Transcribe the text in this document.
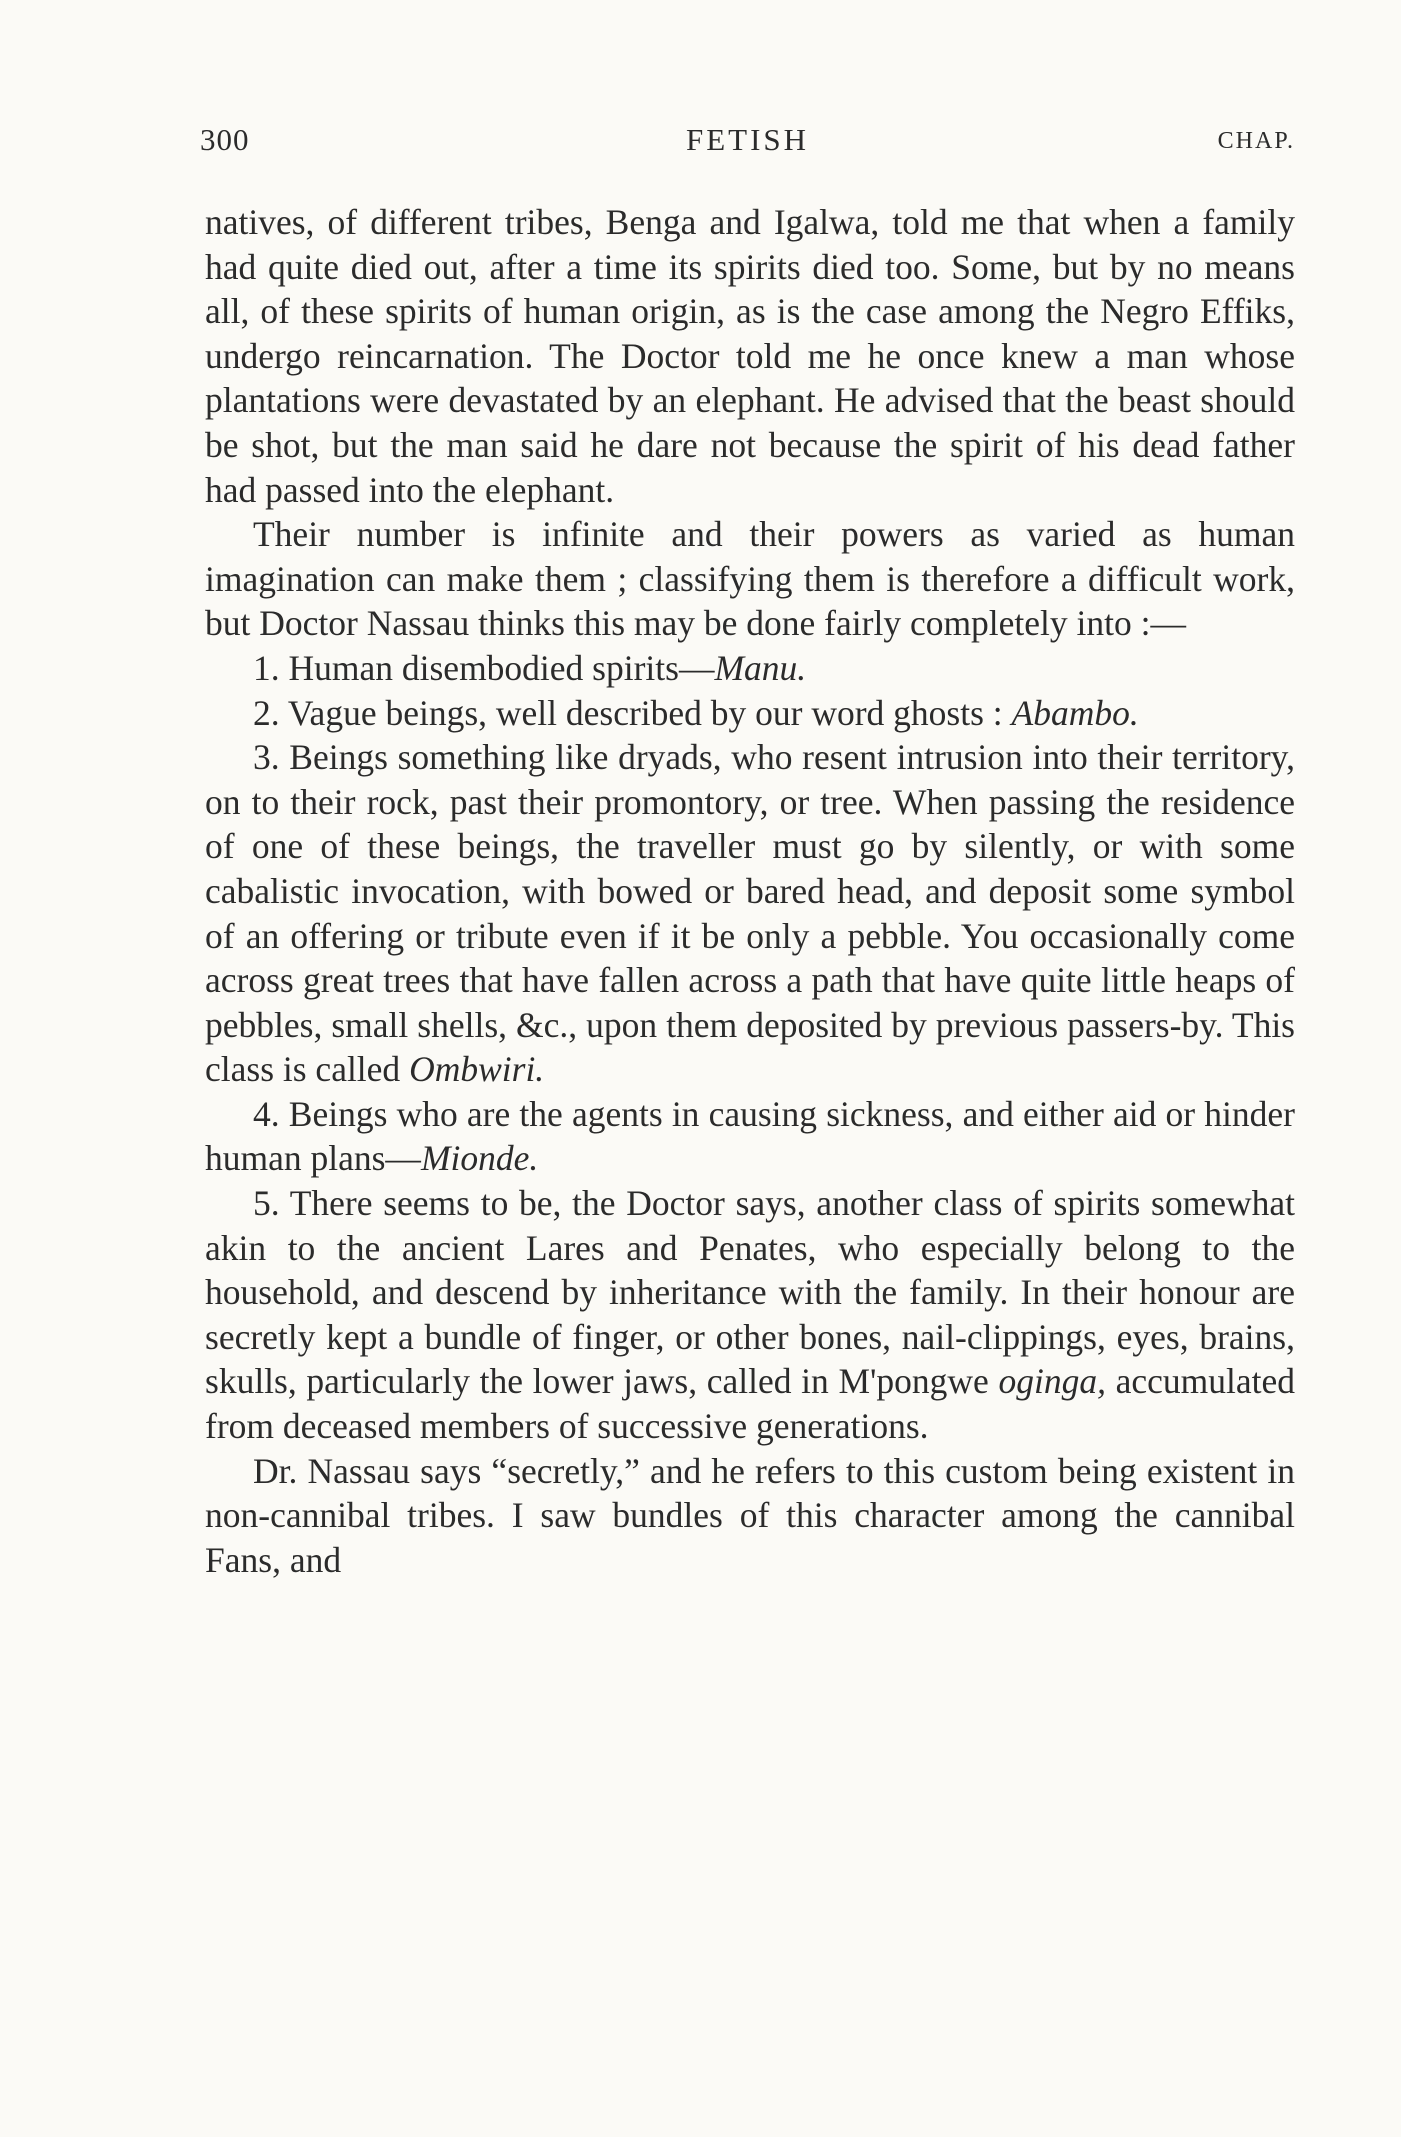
300	FETISH	CHAP.

natives, of different tribes, Benga and Igalwa, told me that when a family had quite died out, after a time its spirits died too. Some, but by no means all, of these spirits of human origin, as is the case among the Negro Effiks, undergo reincarnation. The Doctor told me he once knew a man whose plantations were devastated by an elephant. He advised that the beast should be shot, but the man said he dare not because the spirit of his dead father had passed into the elephant.

Their number is infinite and their powers as varied as human imagination can make them ; classifying them is therefore a difficult work, but Doctor Nassau thinks this may be done fairly completely into :—

1. Human disembodied spirits—Manu.

2. Vague beings, well described by our word ghosts : Abambo.

3. Beings something like dryads, who resent intrusion into their territory, on to their rock, past their promontory, or tree. When passing the residence of one of these beings, the traveller must go by silently, or with some cabalistic invocation, with bowed or bared head, and deposit some symbol of an offering or tribute even if it be only a pebble. You occasionally come across great trees that have fallen across a path that have quite little heaps of pebbles, small shells, &c., upon them deposited by previous passers-by. This class is called Ombwiri.

4. Beings who are the agents in causing sickness, and either aid or hinder human plans—Mionde.

5. There seems to be, the Doctor says, another class of spirits somewhat akin to the ancient Lares and Penates, who especially belong to the household, and descend by inheritance with the family. In their honour are secretly kept a bundle of finger, or other bones, nail-clippings, eyes, brains, skulls, particularly the lower jaws, called in M'pongwe oginga, accumulated from deceased members of successive generations.

Dr. Nassau says “secretly,” and he refers to this custom being existent in non-cannibal tribes. I saw bundles of this character among the cannibal Fans, and
